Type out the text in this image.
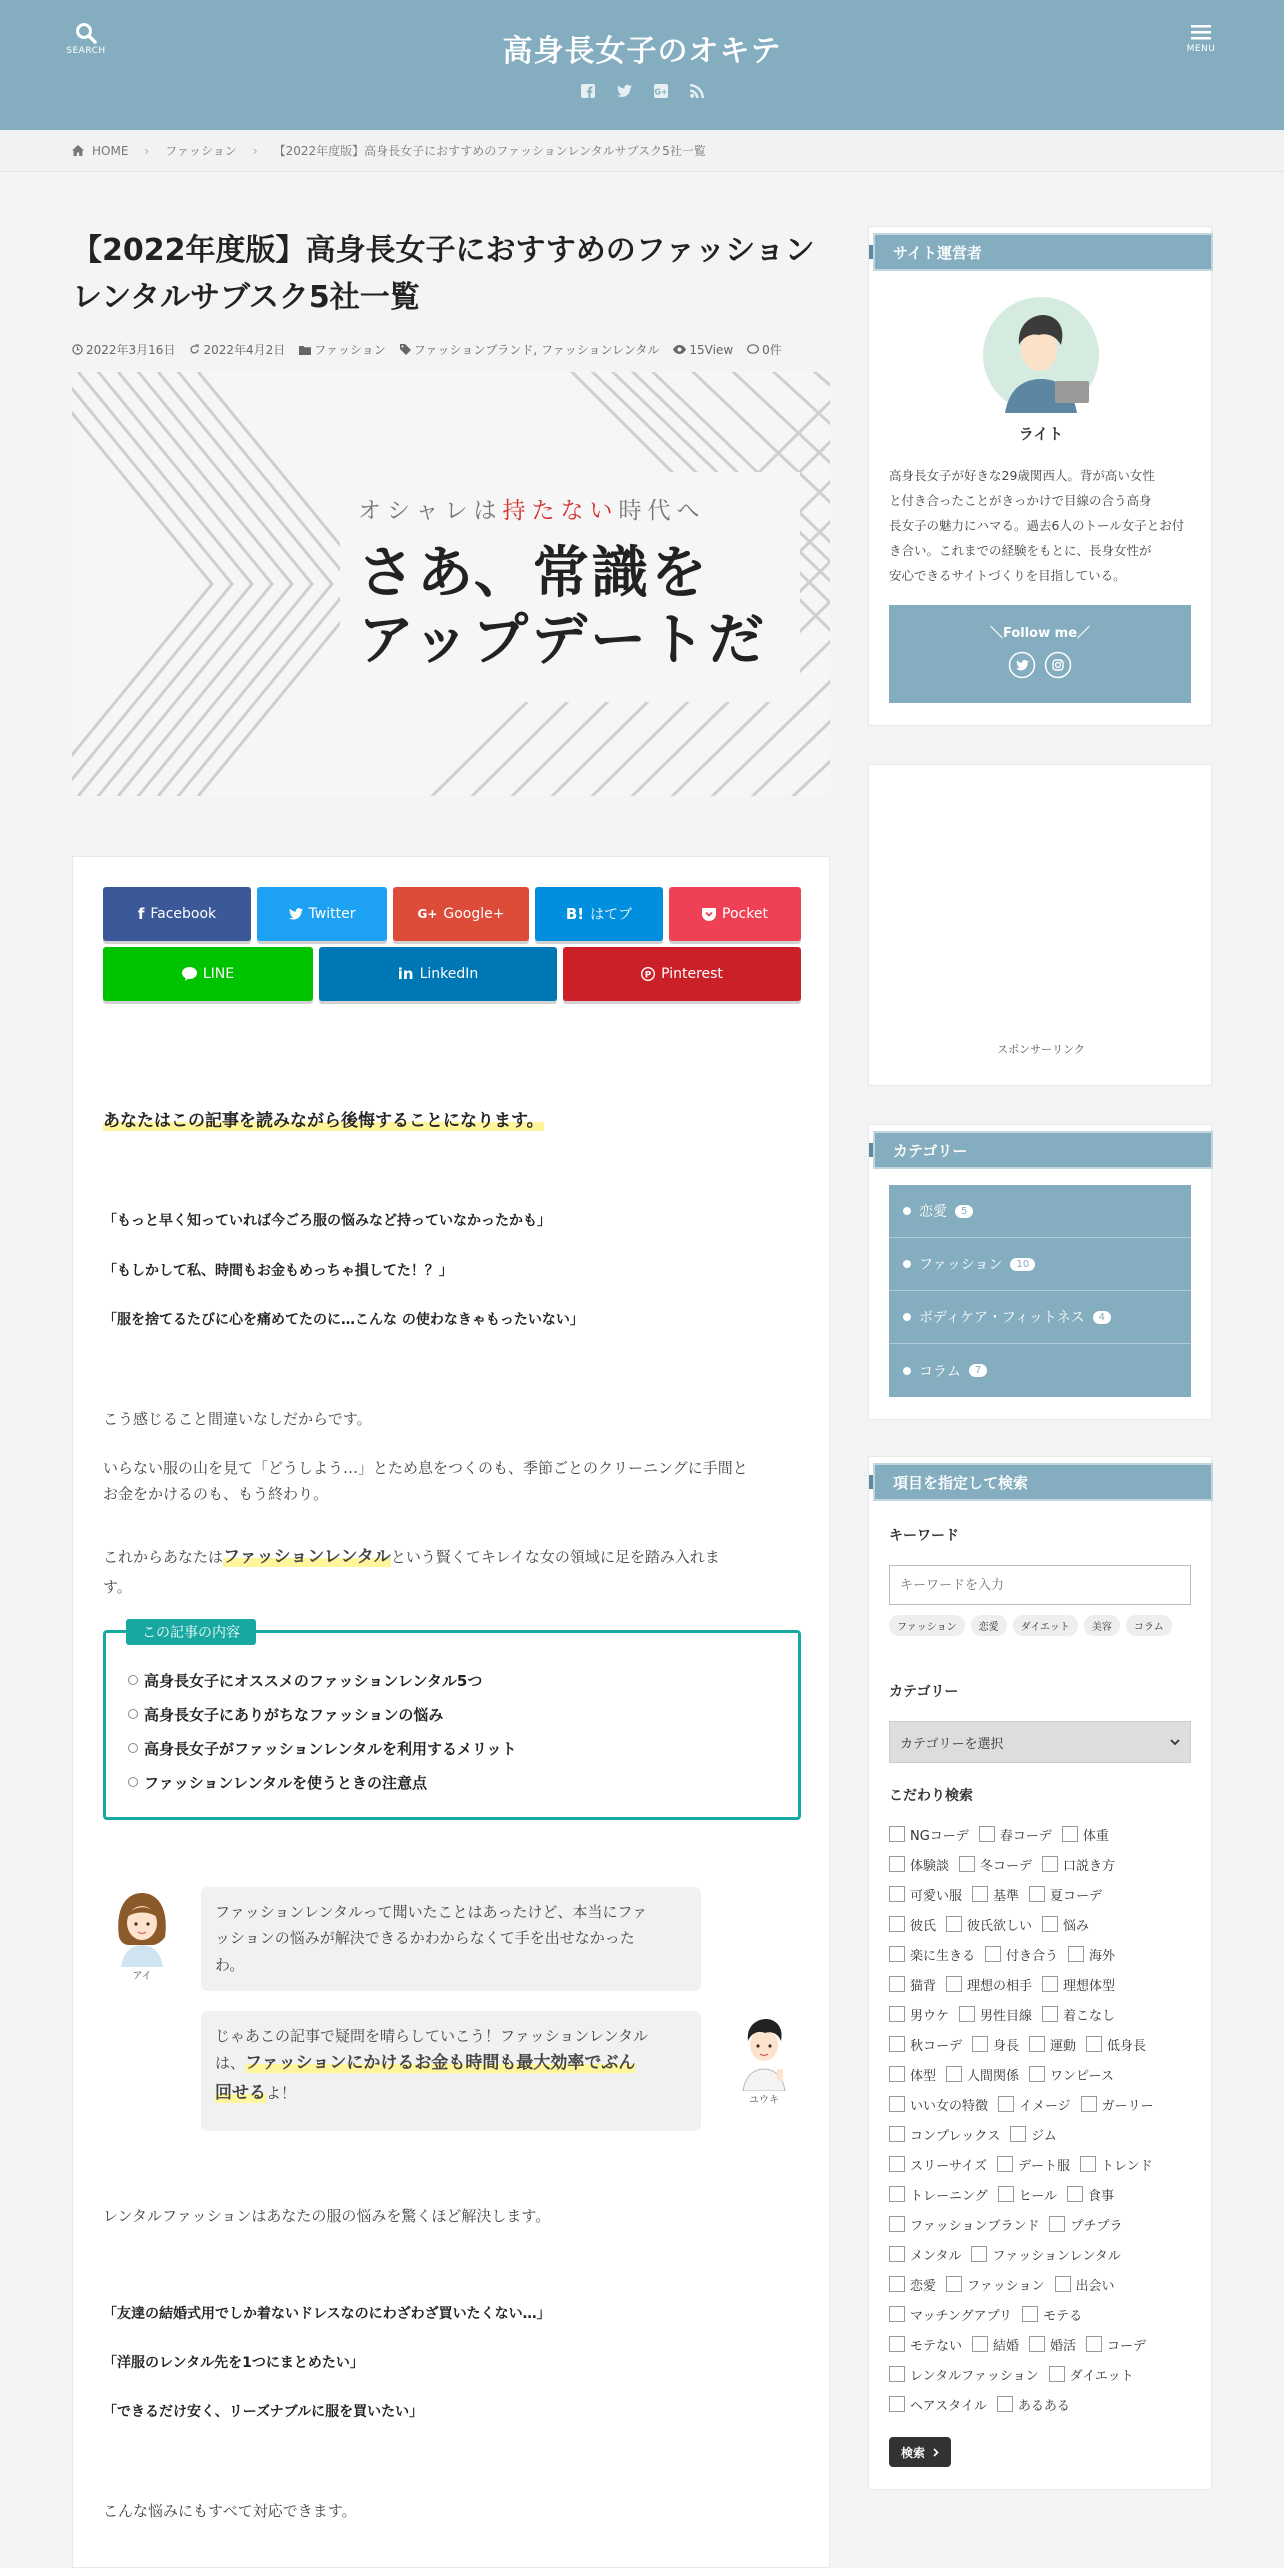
SEARCH	高身長女子のオキテ
G+
MENU
HOME › ファッション › 【2022年度版】高身長女子におすすめのファッションレンタルサブスク5社一覧
【2022年度版】高身長女子におすすめのファッションレンタルサブスク5社一覧
2022年3月16日 2022年4月2日 ファッション ファッションブランド, ファッションレンタル	15View 0件
オシャレは持たない時代へ
さあ、常識を
アップデートだ
f Facebook	Twitter	G+ Google+	B! はてブ	Pocket
LINE	in LinkedIn	P Pinterest
あなたはこの記事を読みながら後悔することになります。
「もっと早く知っていれば今ごろ服の悩みなど持っていなかったかも」
「もしかして私、時間もお金もめっちゃ損してた！？」
「服を捨てるたびに心を痛めてたのに…こんな の使わなきゃもったいない」
こう感じること間違いなしだからです。
いらない服の山を見て「どうしよう…」とため息をつくのも、季節ごとのクリーニングに手間と
お金をかけるのも、もう終わり。
これからあなたはファッションレンタルという賢くてキレイな女の領域に足を踏み入れま
す。
この記事の内容
高身長女子にオススメのファッションレンタル5つ
高身長女子にありがちなファッションの悩み
高身長女子がファッションレンタルを利用するメリット
ファッションレンタルを使うときの注意点
アイ
ファッションレンタルって聞いたことはあったけど、本当にファ
ッションの悩みが解決できるかわからなくて手を出せなかった
わ。
じゃあこの記事で疑問を晴らしていこう！ファッションレンタル
は、ファッションにかけるお金も時間も最大効率でぶん
回せるよ！	ユウキ
レンタルファッションはあなたの服の悩みを驚くほど解決します。
「友達の結婚式用でしか着ないドレスなのにわざわざ買いたくない…」
「洋服のレンタル先を1つにまとめたい」
「できるだけ安く、リーズナブルに服を買いたい」
こんな悩みにもすべて対応できます。
サイト運営者
ライト
高身長女子が好きな29歳関西人。背が高い女性
と付き合ったことがきっかけで目線の合う高身
長女子の魅力にハマる。過去6人のトール女子とお付
き合い。これまでの経験をもとに、長身女性が
安心できるサイトづくりを目指している。
＼Follow me／
スポンサーリンク
カテゴリー
恋愛	5
ファッション	10
ボディケア・フィットネス	4
コラム	7
項目を指定して検索
キーワード
キーワードを入力
ファッション	恋愛	ダイエット	美容	コラム
カテゴリー
カテゴリーを選択
こだわり検索
NGコーデ 春コーデ 体重
体験談 冬コーデ 口説き方
可愛い服 基準 夏コーデ
彼氏 彼氏欲しい 悩み
楽に生きる 付き合う 海外
猫背 理想の相手 理想体型
男ウケ 男性目線 着こなし
秋コーデ 身長 運動 低身長
体型 人間関係 ワンピース
いい女の特徴 イメージ ガーリー
コンプレックス ジム
スリーサイズ デート服 トレンド
トレーニング ヒール 食事
ファッションブランド プチプラ
メンタル ファッションレンタル
恋愛 ファッション 出会い
マッチングアプリ モテる
モテない 結婚 婚活 コーデ
レンタルファッション ダイエット
ヘアスタイル あるある
検索
